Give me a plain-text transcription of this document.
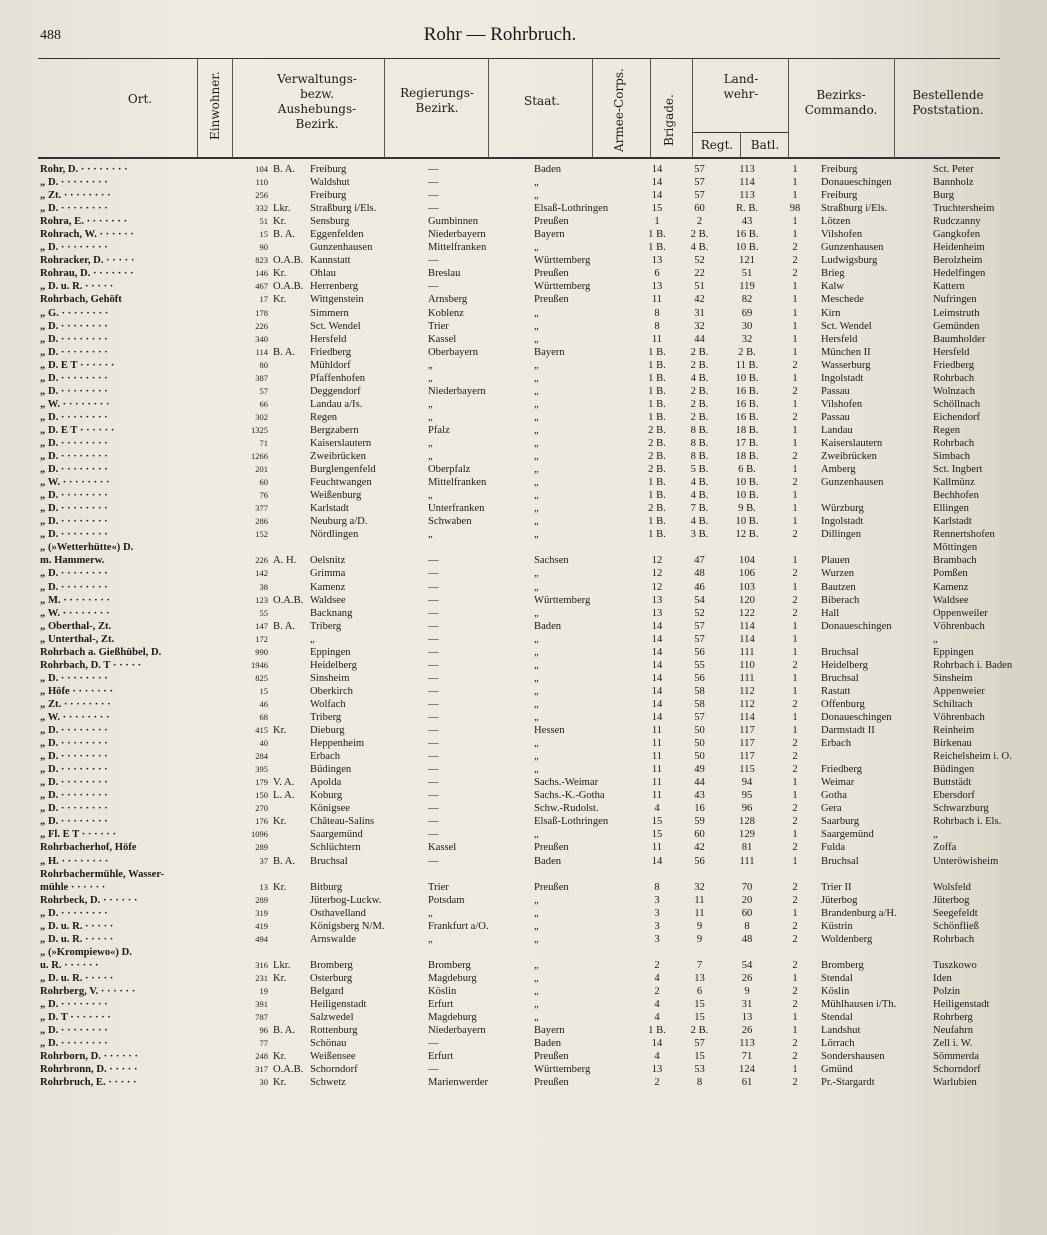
488	Rohr — Rohrbruch.
Ort.	Einwohner.	Verwaltungs- bezw. Aushebungs- Bezirk.
Regierungs- Bezirk.	Staat.	Armee-Corps.	Brigade.
Land- wehr-
Regt.	Batl.
Bezirks- Commando.
Bestellende Poststation.
Rohr, D. · · · · · · · ·	104	B. A.	Freiburg	—	Baden	14	57	113	1	Freiburg	Sct. Peter
„ D. · · · · · · · ·	110		Waldshut	—	„	14	57	114	1	Donaueschingen	Bannholz
„ Zt. · · · · · · · ·	256		Freiburg	—	„	14	57	113	1	Freiburg	Burg
„ D. · · · · · · · ·	332	Lkr.	Straßburg i/Els.	—	Elsaß-Lothringen	15	60	R. B.	98	Straßburg i/Els.	Truchtersheim
Rohra, E. · · · · · · ·	51	Kr.	Sensburg	Gumbinnen	Preußen	1	2	43	1	Lötzen	Rudczanny
Rohrach, W. · · · · · ·	15	B. A.	Eggenfelden	Niederbayern	Bayern	1 B.	2 B.	16 B.	1	Vilshofen	Gangkofen
„ D. · · · · · · · ·	90		Gunzenhausen	Mittelfranken	„	1 B.	4 B.	10 B.	2	Gunzenhausen	Heidenheim
Rohracker, D. · · · · ·	823	O.A.B.	Kannstatt	—	Württemberg	13	52	121	2	Ludwigsburg	Berolzheim
Rohrau, D. · · · · · · ·	146	Kr.	Ohlau	Breslau	Preußen	6	22	51	2	Brieg	Hedelfingen
„ D. u. R. · · · · ·	467	O.A.B.	Herrenberg	—	Württemberg	13	51	119	1	Kalw	Kattern
Rohrbach, Gehöft	17	Kr.	Wittgenstein	Arnsberg	Preußen	11	42	82	1	Meschede	Nufringen
„ G. · · · · · · · ·	178		Simmern	Koblenz	„	8	31	69	1	Kirn	Leimstruth
„ D. · · · · · · · ·	226		Sct. Wendel	Trier	„	8	32	30	1	Sct. Wendel	Gemünden
„ D. · · · · · · · ·	340		Hersfeld	Kassel	„	11	44	32	1	Hersfeld	Baumholder
„ D. · · · · · · · ·	114	B. A.	Friedberg	Oberbayern	Bayern	1 B.	2 B.	2 B.	1	München II	Hersfeld
„ D. E T · · · · · ·	80		Mühldorf	„	„	1 B.	2 B.	11 B.	2	Wasserburg	Friedberg
„ D. · · · · · · · ·	387		Pfaffenhofen	„	„	1 B.	4 B.	10 B.	1	Ingolstadt	Rohrbach
„ D. · · · · · · · ·	57		Deggendorf	Niederbayern	„	1 B.	2 B.	16 B.	2	Passau	Wolnzach
„ W. · · · · · · · ·	66		Landau a/Is.	„	„	1 B.	2 B.	16 B.	1	Vilshofen	Schöllnach
„ D. · · · · · · · ·	302		Regen	„	„	1 B.	2 B.	16 B.	2	Passau	Eichendorf
„ D. E T · · · · · ·	1325		Bergzabern	Pfalz	„	2 B.	8 B.	18 B.	1	Landau	Regen
„ D. · · · · · · · ·	71		Kaiserslautern	„	„	2 B.	8 B.	17 B.	1	Kaiserslautern	Rohrbach
„ D. · · · · · · · ·	1266		Zweibrücken	„	„	2 B.	8 B.	18 B.	2	Zweibrücken	Simbach
„ D. · · · · · · · ·	201		Burglengenfeld	Oberpfalz	„	2 B.	5 B.	6 B.	1	Amberg	Sct. Ingbert
„ W. · · · · · · · ·	60		Feuchtwangen	Mittelfranken	„	1 B.	4 B.	10 B.	2	Gunzenhausen	Kallmünz
„ D. · · · · · · · ·	76		Weißenburg	„	„	1 B.	4 B.	10 B.	1		Bechhofen
„ D. · · · · · · · ·	377		Karlstadt	Unterfranken	„	2 B.	7 B.	9 B.	1	Würzburg	Ellingen
„ D. · · · · · · · ·	286		Neuburg a/D.	Schwaben	„	1 B.	4 B.	10 B.	1	Ingolstadt	Karlstadt
„ D. · · · · · · · ·	152		Nördlingen	„	„	1 B.	3 B.	12 B.	2	Dillingen	Rennertshofen
„ (»Wetterhütte«) D.											Möttingen
m. Hammerw.	226	A. H.	Oelsnitz	—	Sachsen	12	47	104	1	Plauen	Brambach
„ D. · · · · · · · ·	142		Grimma	—	„	12	48	106	2	Wurzen	Pomßen
„ D. · · · · · · · ·	38		Kamenz	—	„	12	46	103	1	Bautzen	Kamenz
„ M. · · · · · · · ·	123	O.A.B.	Waldsee	—	Württemberg	13	54	120	2	Biberach	Waldsee
„ W. · · · · · · · ·	55		Backnang	—	„	13	52	122	2	Hall	Oppenweiler
„ Oberthal-, Zt.	147	B. A.	Triberg	—	Baden	14	57	114	1	Donaueschingen	Vöhrenbach
„ Unterthal-, Zt.	172		„	—	„	14	57	114	1		„
Rohrbach a. Gießhübel, D.	990		Eppingen	—	„	14	56	111	1	Bruchsal	Eppingen
Rohrbach, D. T · · · · ·	1946		Heidelberg	—	„	14	55	110	2	Heidelberg	Rohrbach i. Baden
„ D. · · · · · · · ·	825		Sinsheim	—	„	14	56	111	1	Bruchsal	Sinsheim
„ Höfe · · · · · · ·	15		Oberkirch	—	„	14	58	112	1	Rastatt	Appenweier
„ Zt. · · · · · · · ·	46		Wolfach	—	„	14	58	112	2	Offenburg	Schiltach
„ W. · · · · · · · ·	68		Triberg	—	„	14	57	114	1	Donaueschingen	Vöhrenbach
„ D. · · · · · · · ·	415	Kr.	Dieburg	—	Hessen	11	50	117	1	Darmstadt II	Reinheim
„ D. · · · · · · · ·	40		Heppenheim	—	„	11	50	117	2	Erbach	Birkenau
„ D. · · · · · · · ·	284		Erbach	—	„	11	50	117	2		Reichelsheim i. O.
„ D. · · · · · · · ·	395		Büdingen	—	„	11	49	115	2	Friedberg	Büdingen
„ D. · · · · · · · ·	179	V. A.	Apolda	—	Sachs.-Weimar	11	44	94	1	Weimar	Buttstädt
„ D. · · · · · · · ·	150	L. A.	Koburg	—	Sachs.-K.-Gotha	11	43	95	1	Gotha	Ebersdorf
„ D. · · · · · · · ·	270		Königsee	—	Schw.-Rudolst.	4	16	96	2	Gera	Schwarzburg
„ D. · · · · · · · ·	176	Kr.	Château-Salins	—	Elsaß-Lothringen	15	59	128	2	Saarburg	Rohrbach i. Els.
„ Fl. E T · · · · · ·	1096		Saargemünd	—	„	15	60	129	1	Saargemünd	„
Rohrbacherhof, Höfe	289		Schlüchtern	Kassel	Preußen	11	42	81	2	Fulda	Zoffa
„ H. · · · · · · · ·	37	B. A.	Bruchsal	—	Baden	14	56	111	1	Bruchsal	Unteröwisheim
Rohrbachermühle, Wasser-											
mühle · · · · · ·	13	Kr.	Bitburg	Trier	Preußen	8	32	70	2	Trier II	Wolsfeld
Rohrbeck, D. · · · · · ·	289		Jüterbog-Luckw.	Potsdam	„	3	11	20	2	Jüterbog	Jüterbog
„ D. · · · · · · · ·	319		Osthavelland	„	„	3	11	60	1	Brandenburg a/H.	Seegefeldt
„ D. u. R. · · · · ·	419		Königsberg N/M.	Frankfurt a/O.	„	3	9	8	2	Küstrin	Schönfließ
„ D. u. R. · · · · ·	494		Arnswalde	„	„	3	9	48	2	Woldenberg	Rohrbach
„ (»Krompiewo«) D.											
u. R. · · · · · ·	316	Lkr.	Bromberg	Bromberg	„	2	7	54	2	Bromberg	Tuszkowo
„ D. u. R. · · · · ·	231	Kr.	Osterburg	Magdeburg	„	4	13	26	1	Stendal	Iden
Rohrberg, V. · · · · · ·	19		Belgard	Köslin	„	2	6	9	2	Köslin	Polzin
„ D. · · · · · · · ·	391		Heiligenstadt	Erfurt	„	4	15	31	2	Mühlhausen i/Th.	Heiligenstadt
„ D. T · · · · · · ·	787		Salzwedel	Magdeburg	„	4	15	13	1	Stendal	Rohrberg
„ D. · · · · · · · ·	96	B. A.	Rottenburg	Niederbayern	Bayern	1 B.	2 B.	26	1	Landshut	Neufahrn
„ D. · · · · · · · ·	77		Schönau	—	Baden	14	57	113	2	Lörrach	Zell i. W.
Rohrborn, D. · · · · · ·	248	Kr.	Weißensee	Erfurt	Preußen	4	15	71	2	Sondershausen	Sömmerda
Rohrbronn, D. · · · · ·	317	O.A.B.	Schorndorf	—	Württemberg	13	53	124	1	Gmünd	Schorndorf
Rohrbruch, E. · · · · ·	30	Kr.	Schwetz	Marienwerder	Preußen	2	8	61	2	Pr.-Stargardt	Warlubien
